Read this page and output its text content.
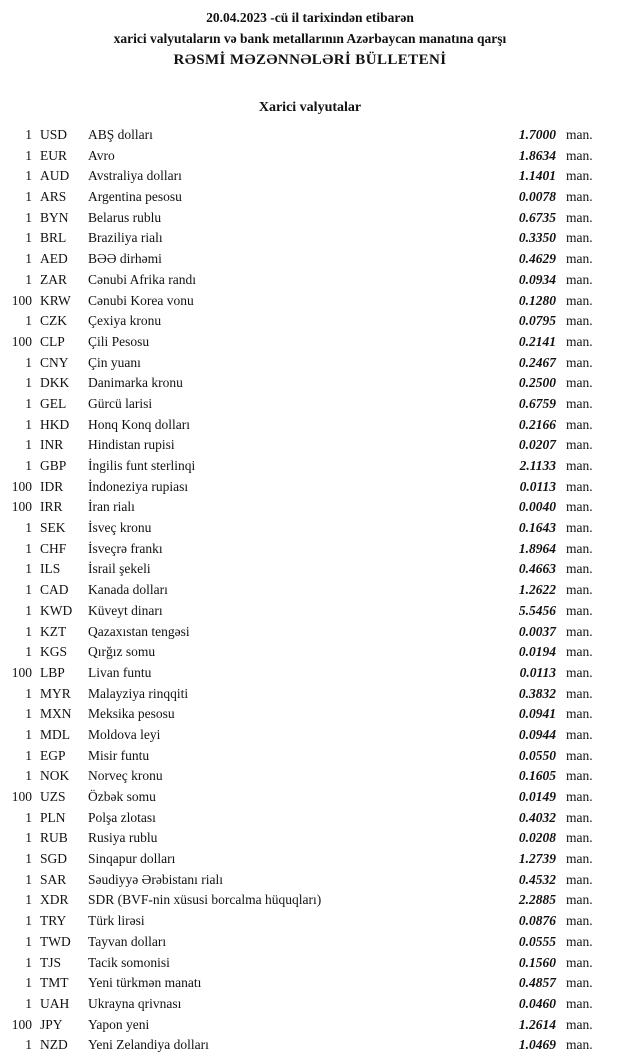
20.04.2023 -cü il tarixindən etibarən
xarici valyutaların və bank metallarının Azərbaycan manatına qarşı
RƏSMİ MƏZƏNNƏLƏRİ BÜLLETENİ
Xarici valyutalar
1 USD	ABŞ dolları	1.7000 man.
1 EUR	Avro	1.8634 man.
1 AUD	Avstraliya dolları	1.1401 man.
1 ARS	Argentina pesosu	0.0078 man.
1 BYN	Belarus rublu	0.6735 man.
1 BRL	Braziliya rialı	0.3350 man.
1 AED	BƏƏ dirhəmi	0.4629 man.
1 ZAR	Cənubi Afrika randı	0.0934 man.
100 KRW	Cənubi Korea vonu	0.1280 man.
1 CZK	Çexiya kronu	0.0795 man.
100 CLP	Çili Pesosu	0.2141 man.
1 CNY	Çin yuanı	0.2467 man.
1 DKK	Danimarka kronu	0.2500 man.
1 GEL	Gürcü larisi	0.6759 man.
1 HKD	Honq Konq dolları	0.2166 man.
1 INR	Hindistan rupisi	0.0207 man.
1 GBP	İngilis funt sterlinqi	2.1133 man.
100 IDR	İndoneziya rupiası	0.0113 man.
100 IRR	İran rialı	0.0040 man.
1 SEK	İsveç kronu	0.1643 man.
1 CHF	İsveçrə frankı	1.8964 man.
1 ILS	İsrail şekeli	0.4663 man.
1 CAD	Kanada dolları	1.2622 man.
1 KWD	Küveyt dinarı	5.5456 man.
1 KZT	Qazaxıstan tengəsi	0.0037 man.
1 KGS	Qırğız somu	0.0194 man.
100 LBP	Livan funtu	0.0113 man.
1 MYR	Malayziya rinqqiti	0.3832 man.
1 MXN	Meksika pesosu	0.0941 man.
1 MDL	Moldova leyi	0.0944 man.
1 EGP	Misir funtu	0.0550 man.
1 NOK	Norveç kronu	0.1605 man.
100 UZS	Özbək somu	0.0149 man.
1 PLN	Polşa zlotası	0.4032 man.
1 RUB	Rusiya rublu	0.0208 man.
1 SGD	Sinqapur dolları	1.2739 man.
1 SAR	Səudiyyə Ərəbistanı rialı	0.4532 man.
1 XDR	SDR (BVF-nin xüsusi borcalma hüquqları)	2.2885 man.
1 TRY	Türk lirəsi	0.0876 man.
1 TWD	Tayvan dolları	0.0555 man.
1 TJS	Tacik somonisi	0.1560 man.
1 TMT	Yeni türkmən manatı	0.4857 man.
1 UAH	Ukrayna qrivnası	0.0460 man.
100 JPY	Yapon yeni	1.2614 man.
1 NZD	Yeni Zelandiya dolları	1.0469 man.
